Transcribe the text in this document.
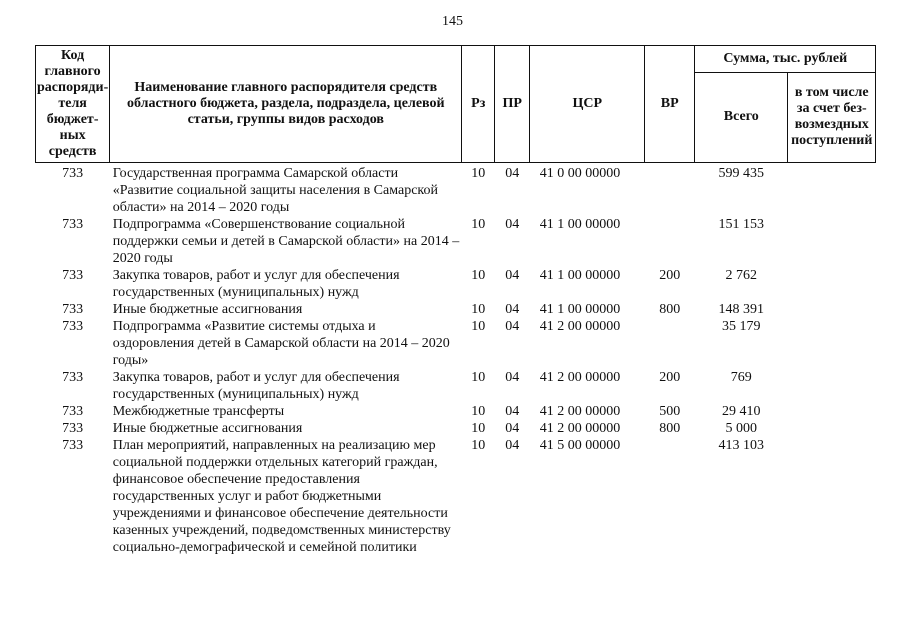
145
Код главного распорядителя бюджетных средств	Наименование главного распорядителя средств областного бюджета, раздела, подраздела, целевой статьи, группы видов расходов	Рз	ПР	ЦСР	ВР	Сумма, тыс. рублей	
						Всего	в том числе за счет безвозмездных поступлений
733	Государственная программа Самарской области «Развитие социальной защиты населения в Самарской области» на 2014 – 2020 годы	10	04	41 0 00 00000		599 435	
733	Подпрограмма «Совершенствование социальной поддержки семьи и детей в Самарской области» на 2014 – 2020 годы	10	04	41 1 00 00000		151 153	
733	Закупка товаров, работ и услуг для обеспечения государственных (муниципальных) нужд	10	04	41 1 00 00000	200	2 762	
733	Иные бюджетные ассигнования	10	04	41 1 00 00000	800	148 391	
733	Подпрограмма «Развитие системы отдыха и оздоровления детей в Самарской области на 2014 – 2020 годы»	10	04	41 2 00 00000		35 179	
733	Закупка товаров, работ и услуг для обеспечения государственных (муниципальных) нужд	10	04	41 2 00 00000	200	769	
733	Межбюджетные трансферты	10	04	41 2 00 00000	500	29 410	
733	Иные бюджетные ассигнования	10	04	41 2 00 00000	800	5 000	
733	План мероприятий, направленных на реализацию мер социальной поддержки отдельных категорий граждан, финансовое обеспечение предоставления государственных услуг и работ бюджетными учреждениями и финансовое обеспечение деятельности казенных учреждений, подведомственных министерству социально-демографической и семейной политики	10	04	41 5 00 00000		413 103	
